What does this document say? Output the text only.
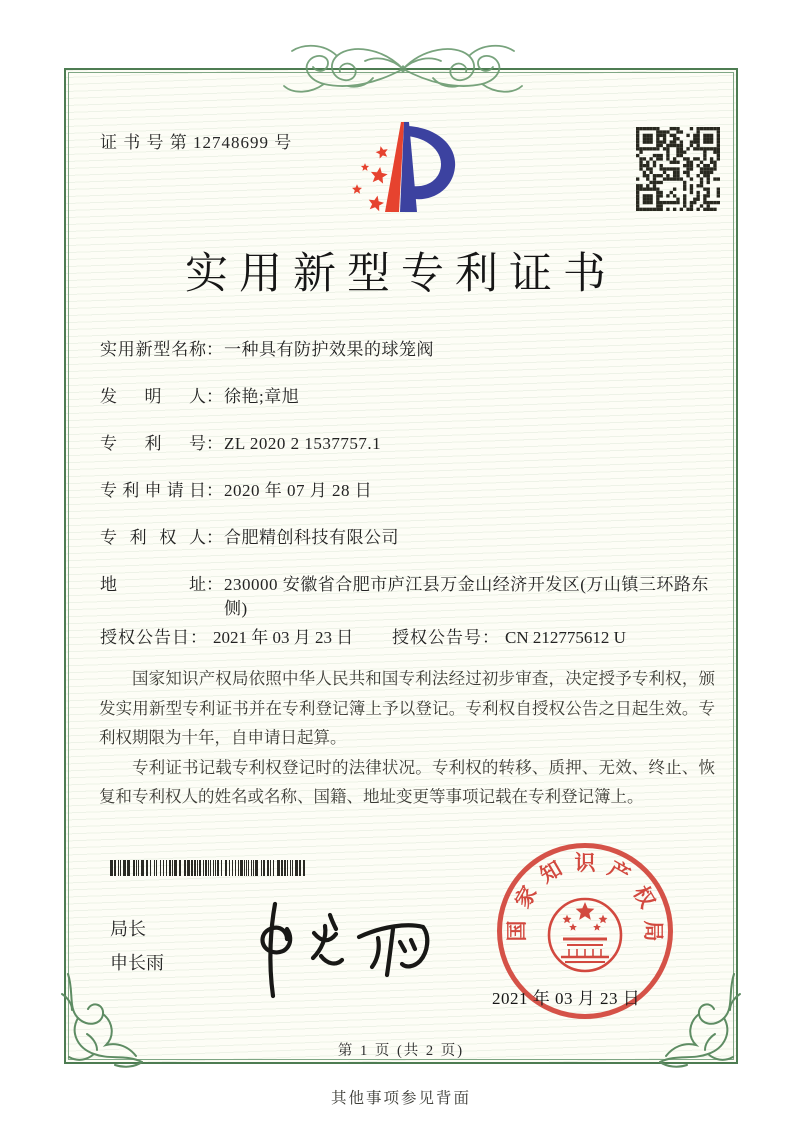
证 书 号 第 12748699 号
实用新型专利证书
实用新型名称 ： 一种具有防护效果的球笼阀
发明人 ： 徐艳;章旭
专利号 ： ZL 2020 2 1537757.1
专利申请日 ： 2020 年 07 月 28 日
专利权人 ： 合肥精创科技有限公司
地址 ： 230000 安徽省合肥市庐江县万金山经济开发区(万山镇三环路东侧)
授权公告日 ： 2021 年 03 月 23 日 授权公告号 ： CN 212775612 U

国家知识产权局依照中华人民共和国专利法经过初步审查，决定授予专利权，颁发实用新型专利证书并在专利登记簿上予以登记。专利权自授权公告之日起生效。专利权期限为十年，自申请日起算。

专利证书记载专利权登记时的法律状况。专利权的转移、质押、无效、终止、恢复和专利权人的姓名或名称、国籍、地址变更等事项记载在专利登记簿上。

局长
申长雨
国
家
知 识 产
权
局
2021 年 03 月 23 日
第 1 页 (共 2 页)
其他事项参见背面
